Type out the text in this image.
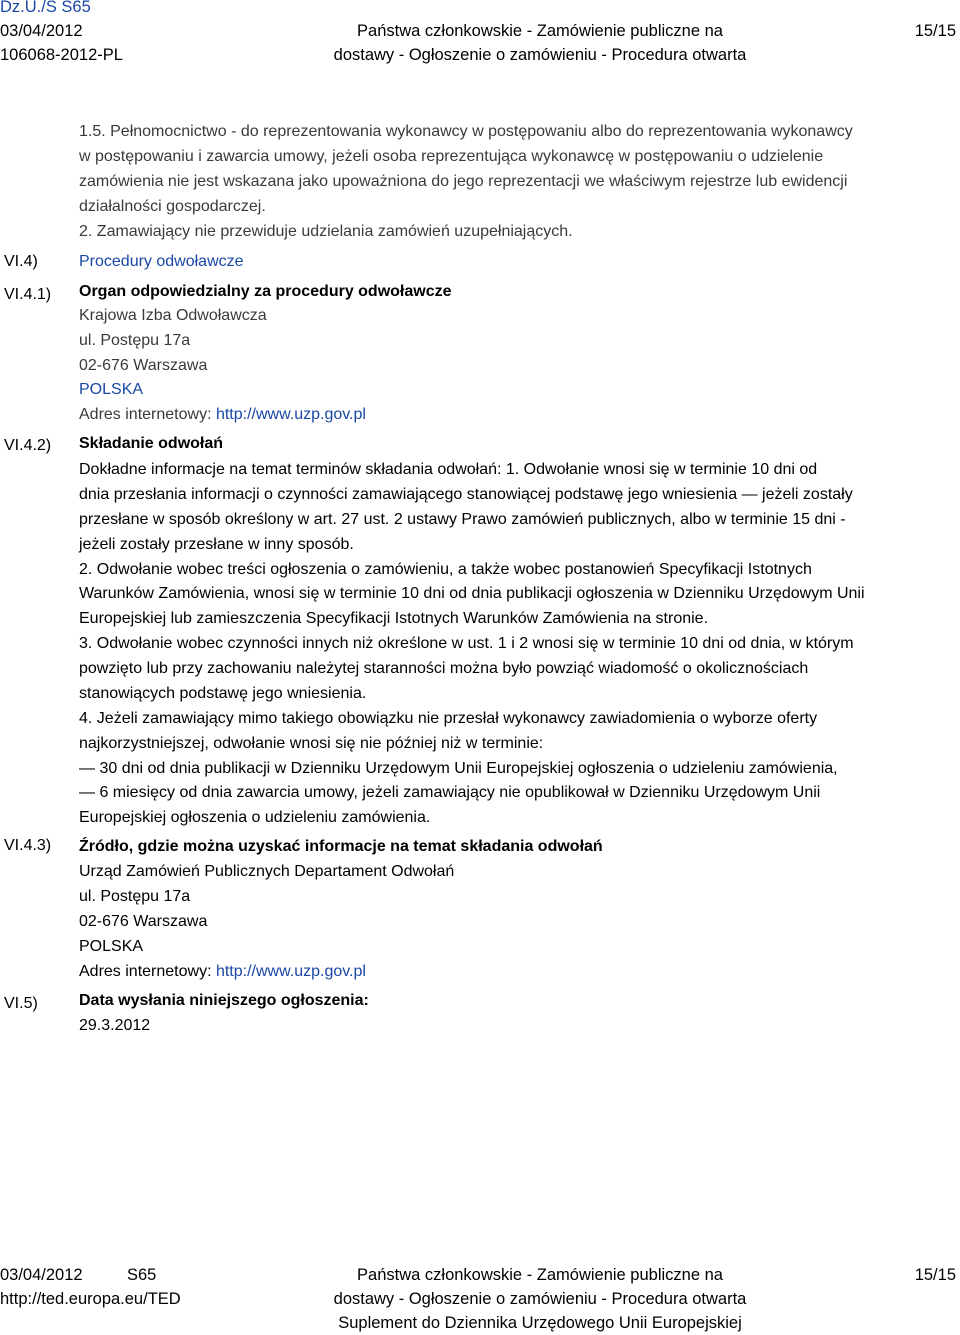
Dz.U./S S65
03/04/2012
106068-2012-PL
Państwa członkowskie - Zamówienie publiczne na
dostawy - Ogłoszenie o zamówieniu - Procedura otwarta
15/15
VI.4)
VI.4.1)
VI.4.2)
VI.4.3)
VI.5)
1.5. Pełnomocnictwo - do reprezentowania wykonawcy w postępowaniu albo do reprezentowania wykonawcy
w postępowaniu i zawarcia umowy, jeżeli osoba reprezentująca wykonawcę w postępowaniu o udzielenie
zamówienia nie jest wskazana jako upoważniona do jego reprezentacji we właściwym rejestrze lub ewidencji
działalności gospodarczej.
2. Zamawiający nie przewiduje udzielania zamówień uzupełniających.
Procedury odwoławcze
Organ odpowiedzialny za procedury odwoławcze
Krajowa Izba Odwoławcza
ul. Postępu 17a
02-676 Warszawa
POLSKA
Adres internetowy: http://www.uzp.gov.pl
Składanie odwołań
Dokładne informacje na temat terminów składania odwołań: 1. Odwołanie wnosi się w terminie 10 dni od
dnia przesłania informacji o czynności zamawiającego stanowiącej podstawę jego wniesienia — jeżeli zostały
przesłane w sposób określony w art. 27 ust. 2 ustawy Prawo zamówień publicznych, albo w terminie 15 dni -
jeżeli zostały przesłane w inny sposób.
2. Odwołanie wobec treści ogłoszenia o zamówieniu, a także wobec postanowień Specyfikacji Istotnych
Warunków Zamówienia, wnosi się w terminie 10 dni od dnia publikacji ogłoszenia w Dzienniku Urzędowym Unii
Europejskiej lub zamieszczenia Specyfikacji Istotnych Warunków Zamówienia na stronie.
3. Odwołanie wobec czynności innych niż określone w ust. 1 i 2 wnosi się w terminie 10 dni od dnia, w którym
powzięto lub przy zachowaniu należytej staranności można było powziąć wiadomość o okolicznościach
stanowiących podstawę jego wniesienia.
4. Jeżeli zamawiający mimo takiego obowiązku nie przesłał wykonawcy zawiadomienia o wyborze oferty
najkorzystniejszej, odwołanie wnosi się nie później niż w terminie:
— 30 dni od dnia publikacji w Dzienniku Urzędowym Unii Europejskiej ogłoszenia o udzieleniu zamówienia,
— 6 miesięcy od dnia zawarcia umowy, jeżeli zamawiający nie opublikował w Dzienniku Urzędowym Unii
Europejskiej ogłoszenia o udzieleniu zamówienia.
Źródło, gdzie można uzyskać informacje na temat składania odwołań
Urząd Zamówień Publicznych Departament Odwołań
ul. Postępu 17a
02-676 Warszawa
POLSKA
Adres internetowy: http://www.uzp.gov.pl
Data wysłania niniejszego ogłoszenia:
29.3.2012
03/04/2012	S65
http://ted.europa.eu/TED
Państwa członkowskie - Zamówienie publiczne na
dostawy - Ogłoszenie o zamówieniu - Procedura otwarta
Suplement do Dziennika Urzędowego Unii Europejskiej
15/15
